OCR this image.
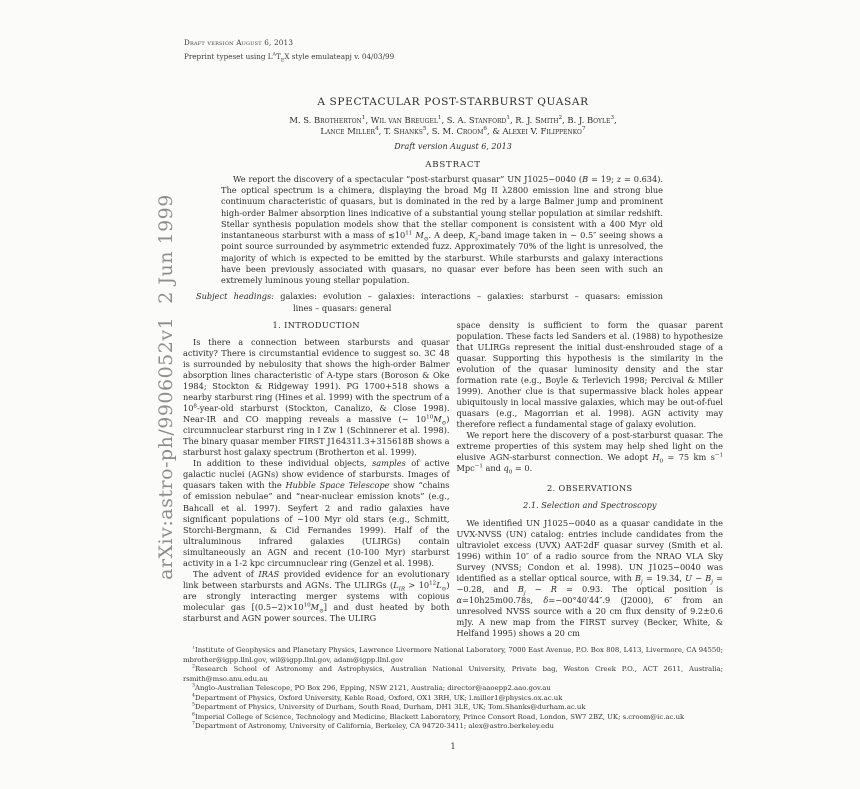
Draft version August 6, 2013
Preprint typeset using $L^AT_EX$ style emulateapj v. 04/03/99
arXiv:astro-ph/9906052v1  2 Jun 1999
A SPECTACULAR POST-STARBURST QUASAR
M. S. Brotherton$^1$, Wil van Breugel$^1$, S. A. Stanford$^1$, R. J. Smith$^2$, B. J. Boyle$^3$,
Lance Miller$^4$, T. Shanks$^5$, S. M. Croom$^6$, & Alexei V. Filippenko$^7$
Draft version August 6, 2013
ABSTRACT
We report the discovery of a spectacular “post-starburst quasar” UN J1025−0040 (B = 19; z = 0.634). The optical spectrum is a chimera, displaying the broad Mg II λ2800 emission line and strong blue continuum characteristic of quasars, but is dominated in the red by a large Balmer jump and prominent high-order Balmer absorption lines indicative of a substantial young stellar population at similar redshift. Stellar synthesis population models show that the stellar component is consistent with a 400 Myr old instantaneous starburst with a mass of $≲10^{11}$ $M_⊙$. A deep, $K_s$-band image taken in ∼ 0.5″ seeing shows a point source surrounded by asymmetric extended fuzz. Approximately 70% of the light is unresolved, the majority of which is expected to be emitted by the starburst. While starbursts and galaxy interactions have been previously associated with quasars, no quasar ever before has been seen with such an extremely luminous young stellar population.
Subject headings: galaxies: evolution – galaxies: interactions – galaxies: starburst – quasars: emission
lines – quasars: general
1. INTRODUCTION

Is there a connection between starbursts and quasar activity? There is circumstantial evidence to suggest so. 3C 48 is surrounded by nebulosity that shows the high-order Balmer absorption lines characteristic of A-type stars (Boroson & Oke 1984; Stockton & Ridgeway 1991). PG 1700+518 shows a nearby starburst ring (Hines et al. 1999) with the spectrum of a $10^8-year$-old starburst (Stockton, Canalizo, & Close 1998). Near-IR and CO mapping reveals a massive (∼ $10^{10}M_⊙$) circumnuclear starburst ring in I Zw 1 (Schinnerer et al. 1998). The binary quasar member FIRST J164311.3+315618B shows a starburst host galaxy spectrum (Brotherton et al. 1999).

In addition to these individual objects, samples of active galactic nuclei (AGNs) show evidence of starbursts. Images of quasars taken with the Hubble Space Telescope show “chains of emission nebulae” and “near-nuclear emission knots” (e.g., Bahcall et al. 1997). Seyfert 2 and radio galaxies have significant populations of ∼100 Myr old stars (e.g., Schmitt, Storchi-Bergmann, & Cid Fernandes 1999). Half of the ultraluminous infrared galaxies (ULIRGs) contain simultaneously an AGN and recent (10-100 Myr) starburst activity in a 1-2 kpc circumnuclear ring (Genzel et al. 1998).

The advent of IRAS provided evidence for an evolutionary link between starbursts and AGNs. The ULIRGs $(L_{IR} > 10^{12}L_⊙)$ are strongly interacting merger systems with copious molecular gas $[(0.5-2)\times 10^{10}M_⊙]$ and dust heated by both starburst and AGN power sources. The ULIRG

space density is sufficient to form the quasar parent population. These facts led Sanders et al. (1988) to hypothesize that ULIRGs represent the initial dust-enshrouded stage of a quasar. Supporting this hypothesis is the similarity in the evolution of the quasar luminosity density and the star formation rate (e.g., Boyle & Terlevich 1998; Percival & Miller 1999). Another clue is that supermassive black holes appear ubiquitously in local massive galaxies, which may be out-of-fuel quasars (e.g., Magorrian et al. 1998). AGN activity may therefore reflect a fundamental stage of galaxy evolution.

We report here the discovery of a post-starburst quasar. The extreme properties of this system may help shed light on the elusive AGN-starburst connection. We adopt $H_0 = 75$ km $s^{-1}$ Mpc$^{-1}$ and $q_0 = 0$.

2. OBSERVATIONS
2.1. Selection and Spectroscopy

We identified UN J1025−0040 as a quasar candidate in the UVX-NVSS (UN) catalog: entries include candidates from the ultraviolet excess (UVX) AAT-2dF quasar survey (Smith et al. 1996) within 10″ of a radio source from the NRAO VLA Sky Survey (NVSS; Condon et al. 1998). UN J1025−0040 was identified as a stellar optical source, with $B_j = 19.34$, $U - B_j = -0.28$, and $B_j - R = 0.93$. The optical position is α=10h25m00.78s, δ=−00°40′44″.9 (J2000), 6″ from an unresolved NVSS source with a 20 cm flux density of 9.2±0.6 mJy. A new map from the FIRST survey (Becker, White, & Helfand 1995) shows a 20 cm

$^1$Institute of Geophysics and Planetary Physics, Lawrence Livermore National Laboratory, 7000 East Avenue, P.O. Box 808, L413, Livermore, CA 94550; mbrother@igpp.llnl.gov, wil@igpp.llnl.gov, adam@igpp.llnl.gov

$^2$Research School of Astronomy and Astrophysics, Australian National University, Private bag, Weston Creek P.O., ACT 2611, Australia; rsmith@mso.anu.edu.au

$^3$Anglo-Australian Telescope, PO Box 296, Epping, NSW 2121, Australia; director@aaoepp2.aao.gov.au

$^4$Department of Physics, Oxford University, Keble Road, Oxford, OX1 3RH, UK; l.miller1@physics.ox.ac.uk

$^5$Department of Physics, University of Durham, South Road, Durham, DH1 3LE, UK; Tom.Shanks@durham.ac.uk

$^6$Imperial College of Science, Technology and Medicine, Blackett Laboratory, Prince Consort Road, London, SW7 2BZ, UK; s.croom@ic.ac.uk

$^7$Department of Astronomy, University of California, Berkeley, CA 94720-3411; alex@astro.berkeley.edu

1
